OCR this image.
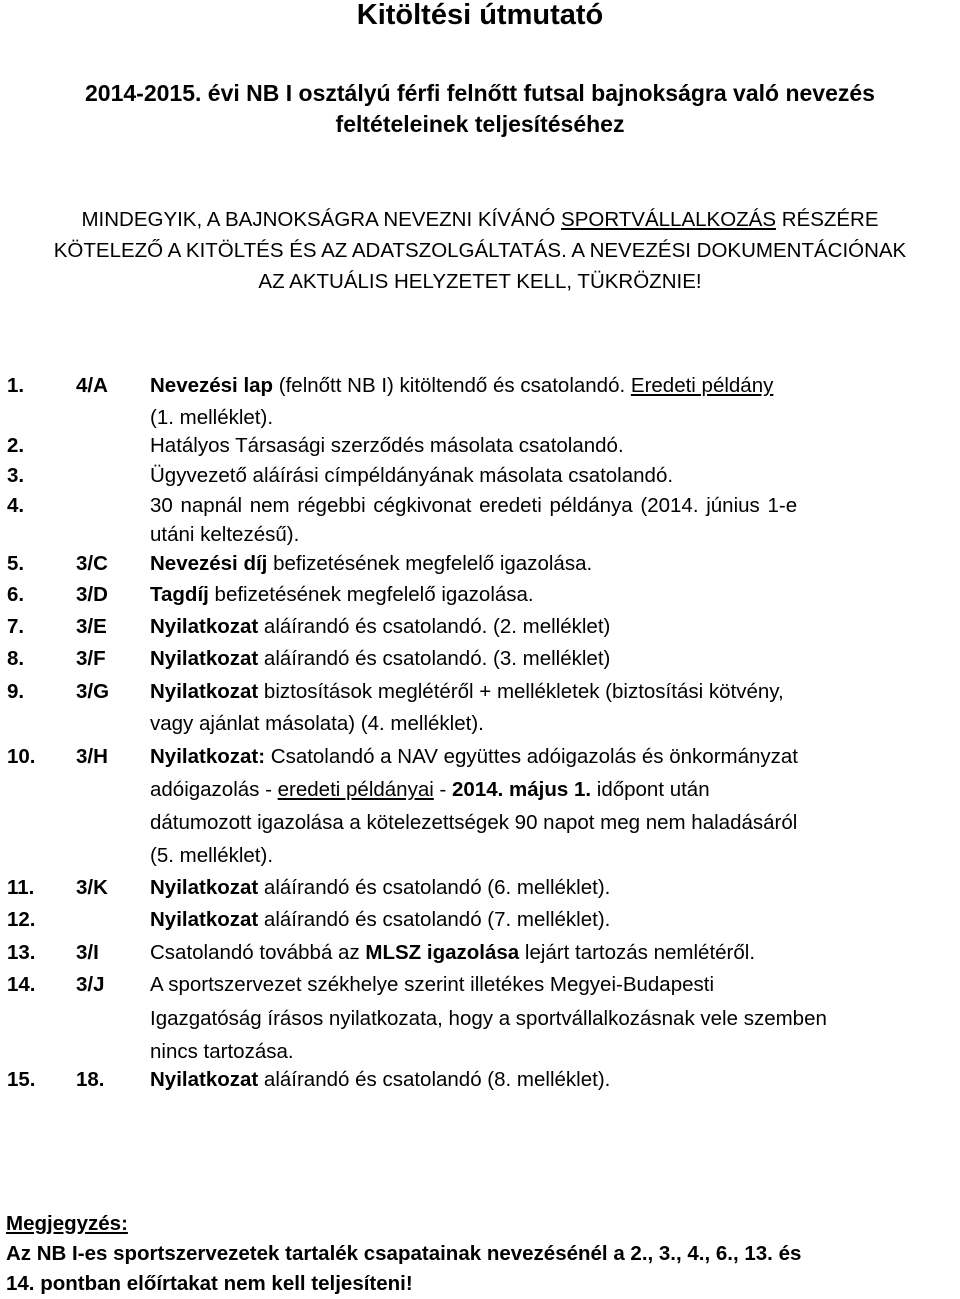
Kitöltési útmutató
2014-2015. évi NB I osztályú férfi felnőtt futsal bajnokságra való nevezés
feltételeinek teljesítéséhez
MINDEGYIK, A BAJNOKSÁGRA NEVEZNI KÍVÁNÓ SPORTVÁLLALKOZÁS RÉSZÉRE
KÖTELEZŐ A KITÖLTÉS ÉS AZ ADATSZOLGÁLTATÁS. A NEVEZÉSI DOKUMENTÁCIÓNAK
AZ AKTUÁLIS HELYZETET KELL, TÜKRÖZNIE!
1.	4/A Nevezési lap (felnőtt NB I) kitöltendő és csatolandó. Eredeti példány
(1. melléklet).
2.	Hatályos Társasági szerződés másolata csatolandó.
3.	Ügyvezető aláírási címpéldányának másolata csatolandó.
4.	30 napnál nem régebbi cégkivonat eredeti példánya (2014. június 1-e
utáni keltezésű).
5.	3/C Nevezési díj befizetésének megfelelő igazolása.
6.	3/D Tagdíj befizetésének megfelelő igazolása.
7.	3/E Nyilatkozat aláírandó és csatolandó. (2. melléklet)
8.	3/F Nyilatkozat aláírandó és csatolandó. (3. melléklet)
9.	3/G Nyilatkozat biztosítások meglétéről + mellékletek (biztosítási kötvény,
vagy ajánlat másolata) (4. melléklet).
10. 3/H Nyilatkozat: Csatolandó a NAV együttes adóigazolás és önkormányzat
adóigazolás - eredeti példányai - 2014. május 1. időpont után
dátumozott igazolása a kötelezettségek 90 napot meg nem haladásáról
(5. melléklet).
11. 3/K Nyilatkozat aláírandó és csatolandó (6. melléklet).
12.	Nyilatkozat aláírandó és csatolandó (7. melléklet).
13. 3/I Csatolandó továbbá az MLSZ igazolása lejárt tartozás nemlétéről.
14. 3/J A sportszervezet székhelye szerint illetékes Megyei-Budapesti
Igazgatóság írásos nyilatkozata, hogy a sportvállalkozásnak vele szemben
nincs tartozása.
15. 18. Nyilatkozat aláírandó és csatolandó (8. melléklet).
Megjegyzés:
Az NB I-es sportszervezetek tartalék csapatainak nevezésénél a 2., 3., 4., 6., 13. és
14. pontban előírtakat nem kell teljesíteni!
